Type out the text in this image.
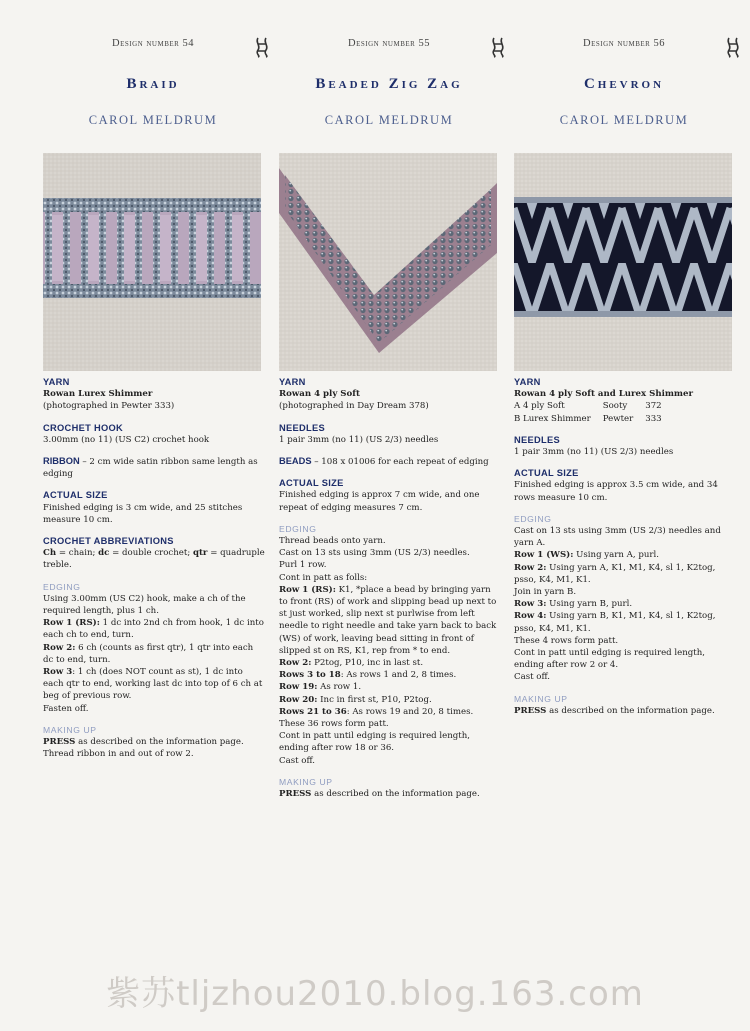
Design number 54
Braid
CAROL MELDRUM

YARN

Rowan Lurex Shimmer

(photographed in Pewter 333)

CROCHET HOOK

3.00mm (no 11) (US C2) crochet hook

RIBBON – 2 cm wide satin ribbon same length as edging

ACTUAL SIZE

Finished edging is 3 cm wide, and 25 stitches measure 10 cm.

CROCHET ABBREVIATIONS

Ch = chain; dc = double crochet; qtr = quadruple treble.

EDGING

Using 3.00mm (US C2) hook, make a ch of the required length, plus 1 ch.

Row 1 (RS): 1 dc into 2nd ch from hook, 1 dc into each ch to end, turn.

Row 2: 6 ch (counts as first qtr), 1 qtr into each dc to end, turn.

Row 3: 1 ch (does NOT count as st), 1 dc into each qtr to end, working last dc into top of 6 ch at beg of previous row.

Fasten off.

MAKING UP

PRESS as described on the information page.

Thread ribbon in and out of row 2.

Design number 55
Beaded Zig Zag
CAROL MELDRUM

YARN

Rowan 4 ply Soft

(photographed in Day Dream 378)

NEEDLES

1 pair 3mm (no 11) (US 2/3) needles

BEADS – 108 x 01006 for each repeat of edging

ACTUAL SIZE

Finished edging is approx 7 cm wide, and one repeat of edging measures 7 cm.

EDGING

Thread beads onto yarn.

Cast on 13 sts using 3mm (US 2/3) needles.

Purl 1 row.

Cont in patt as folls:

Row 1 (RS): K1, *place a bead by bringing yarn to front (RS) of work and slipping bead up next to st just worked, slip next st purlwise from left needle to right needle and take yarn back to back (WS) of work, leaving bead sitting in front of slipped st on RS, K1, rep from * to end.

Row 2: P2tog, P10, inc in last st.

Rows 3 to 18: As rows 1 and 2, 8 times.

Row 19: As row 1.

Row 20: Inc in first st, P10, P2tog.

Rows 21 to 36: As rows 19 and 20, 8 times.

These 36 rows form patt.

Cont in patt until edging is required length, ending after row 18 or 36.

Cast off.

MAKING UP

PRESS as described on the information page.

Design number 56
Chevron
CAROL MELDRUM

YARN

Rowan 4 ply Soft and Lurex Shimmer

A 4 ply Soft	Sooty	372
B Lurex Shimmer	Pewter	333

NEEDLES

1 pair 3mm (no 11) (US 2/3) needles

ACTUAL SIZE

Finished edging is approx 3.5 cm wide, and 34 rows measure 10 cm.

EDGING

Cast on 13 sts using 3mm (US 2/3) needles and yarn A.

Row 1 (WS): Using yarn A, purl.

Row 2: Using yarn A, K1, M1, K4, sl 1, K2tog, psso, K4, M1, K1.

Join in yarn B.

Row 3: Using yarn B, purl.

Row 4: Using yarn B, K1, M1, K4, sl 1, K2tog, psso, K4, M1, K1.

These 4 rows form patt.

Cont in patt until edging is required length, ending after row 2 or 4.

Cast off.

MAKING UP

PRESS as described on the information page.

紫苏tljzhou2010.blog.163.com
